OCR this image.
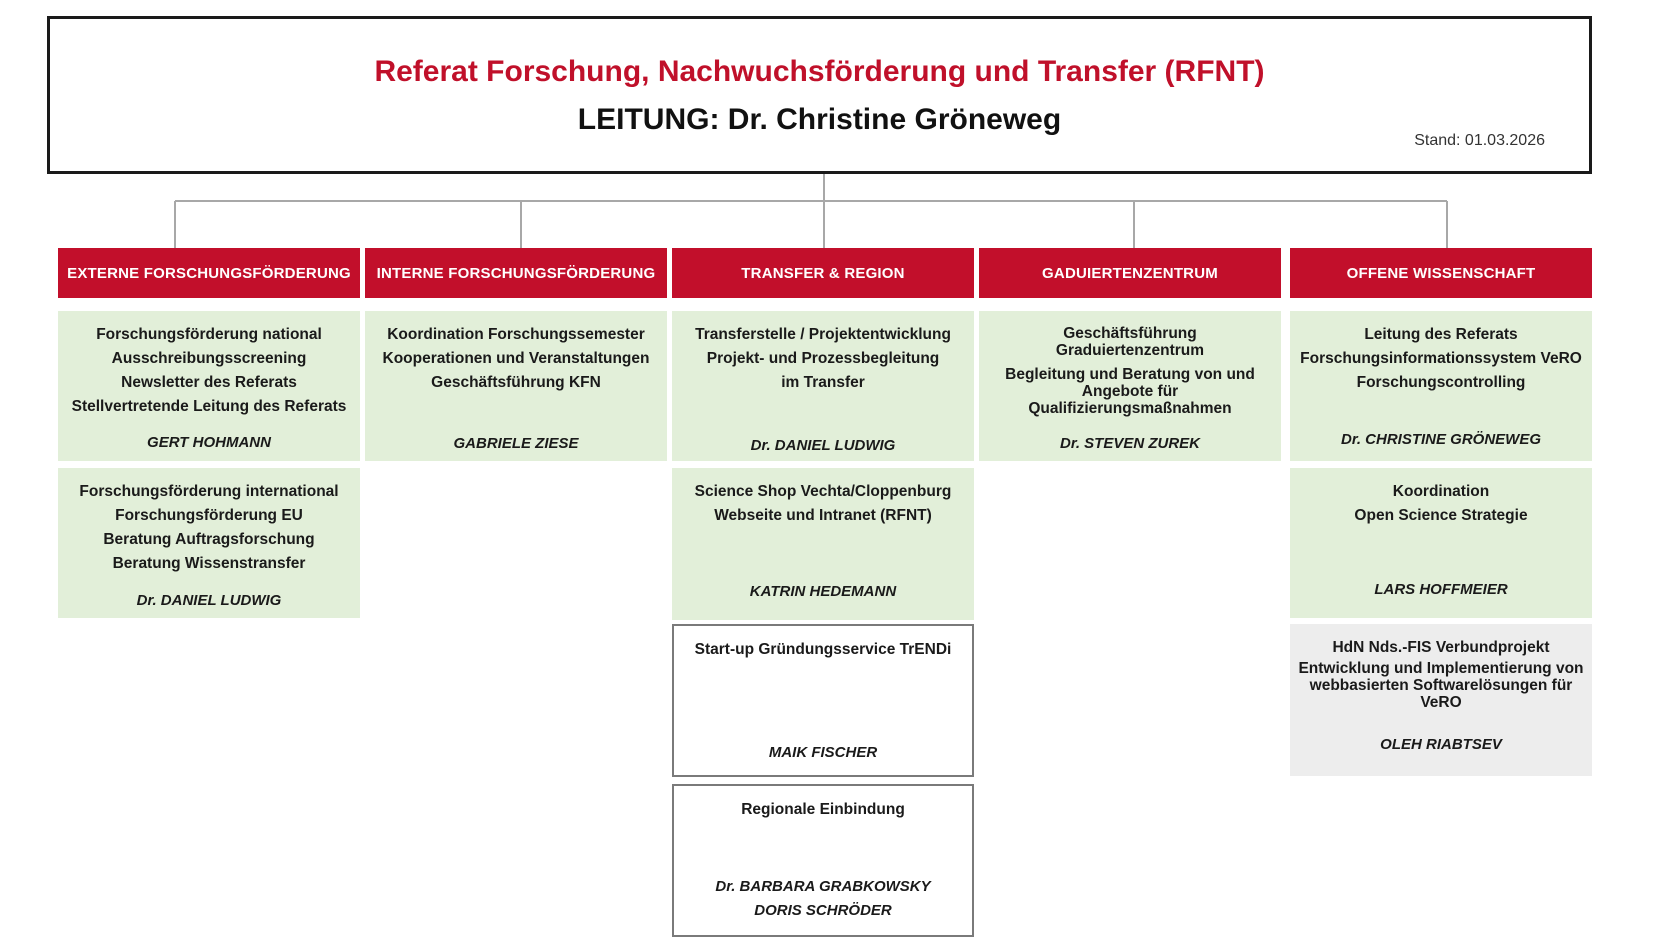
Referat Forschung, Nachwuchsförderung und Transfer (RFNT)
LEITUNG: Dr. Christine Gröneweg
Stand: 01.03.2026
EXTERNE FORSCHUNGSFÖRDERUNG	INTERNE FORSCHUNGSFÖRDERUNG	TRANSFER & REGION	GADUIERTENZENTRUM	OFFENE WISSENSCHAFT
Forschungsförderung national
Ausschreibungsscreening
Newsletter des Referats
Stellvertretende Leitung des Referats
GERT HOHMANN
Forschungsförderung international
Forschungsförderung EU
Beratung Auftragsforschung
Beratung Wissenstransfer
Dr. DANIEL LUDWIG
Koordination Forschungssemester
Kooperationen und Veranstaltungen
Geschäftsführung KFN
GABRIELE ZIESE
Transferstelle / Projektentwicklung
Projekt- und Prozessbegleitung
im Transfer
Dr. DANIEL LUDWIG
Science Shop Vechta/Cloppenburg
Webseite und Intranet (RFNT)
KATRIN HEDEMANN
Start-up Gründungsservice TrENDi
MAIK FISCHER
Regionale Einbindung
Dr. BARBARA GRABKOWSKY
DORIS SCHRÖDER
Geschäftsführung
Graduiertenzentrum
Begleitung und Beratung von und
Angebote für
Qualifizierungsmaßnahmen
Dr. STEVEN ZUREK
Leitung des Referats
Forschungsinformationssystem VeRO
Forschungscontrolling
Dr. CHRISTINE GRÖNEWEG
Koordination
Open Science Strategie
LARS HOFFMEIER
HdN Nds.-FIS Verbundprojekt
Entwicklung und Implementierung von
webbasierten Softwarelösungen für
VeRO
OLEH RIABTSEV
